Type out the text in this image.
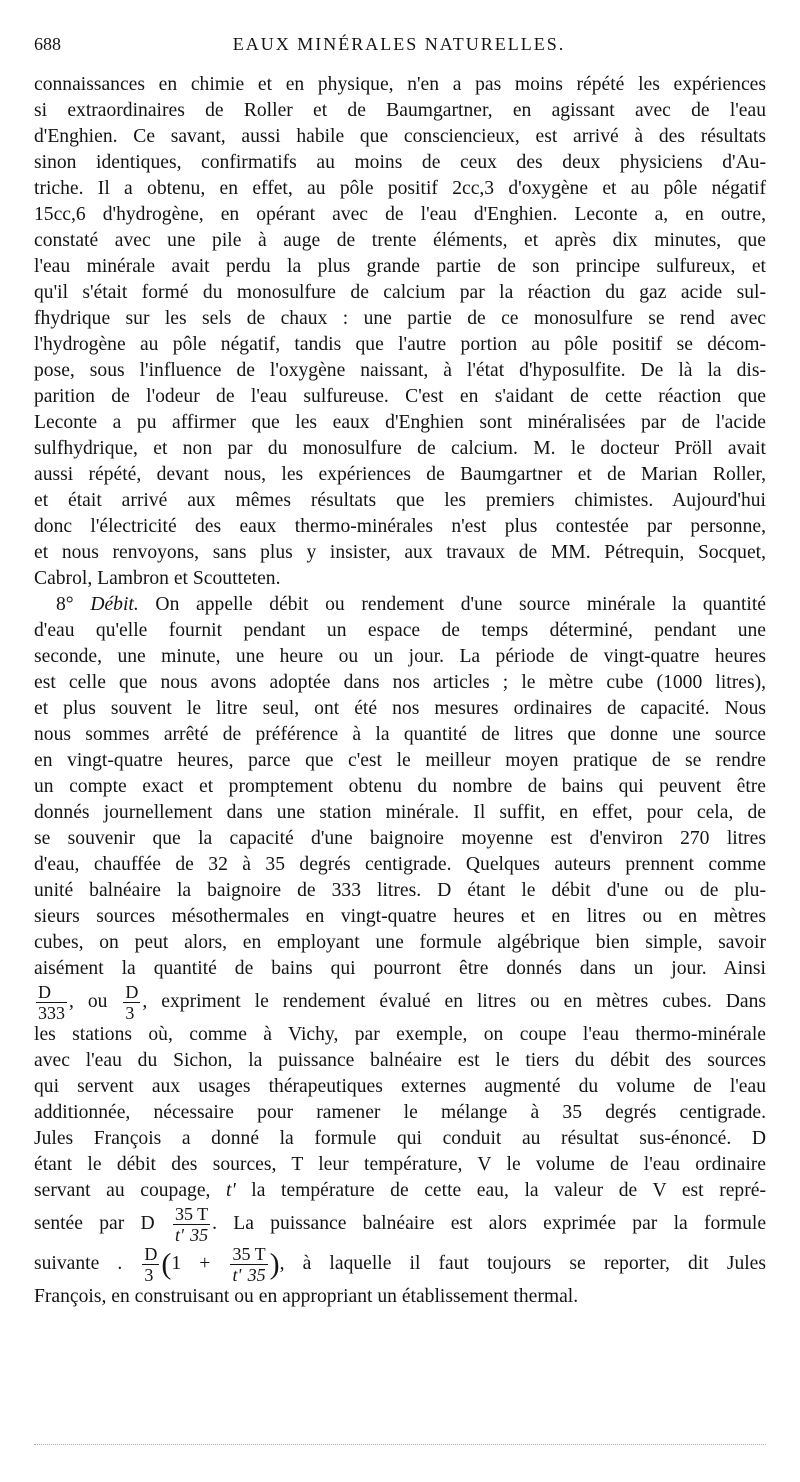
688	EAUX MINÉRALES NATURELLES.
connaissances en chimie et en physique, n'en a pas moins répété les expériences
si extraordinaires de Roller et de Baumgartner, en agissant avec de l'eau
d'Enghien. Ce savant, aussi habile que consciencieux, est arrivé à des résultats
sinon identiques, confirmatifs au moins de ceux des deux physiciens d'Au-
triche. Il a obtenu, en effet, au pôle positif 2cc,3 d'oxygène et au pôle négatif
15cc,6 d'hydrogène, en opérant avec de l'eau d'Enghien. Leconte a, en outre,
constaté avec une pile à auge de trente éléments, et après dix minutes, que
l'eau minérale avait perdu la plus grande partie de son principe sulfureux, et
qu'il s'était formé du monosulfure de calcium par la réaction du gaz acide sul-
fhydrique sur les sels de chaux : une partie de ce monosulfure se rend avec
l'hydrogène au pôle négatif, tandis que l'autre portion au pôle positif se décom-
pose, sous l'influence de l'oxygène naissant, à l'état d'hyposulfite. De là la dis-
parition de l'odeur de l'eau sulfureuse. C'est en s'aidant de cette réaction que
Leconte a pu affirmer que les eaux d'Enghien sont minéralisées par de l'acide
sulfhydrique, et non par du monosulfure de calcium. M. le docteur Pröll avait
aussi répété, devant nous, les expériences de Baumgartner et de Marian Roller,
et était arrivé aux mêmes résultats que les premiers chimistes. Aujourd'hui
donc l'électricité des eaux thermo-minérales n'est plus contestée par personne,
et nous renvoyons, sans plus y insister, aux travaux de MM. Pétrequin, Socquet,
Cabrol, Lambron et Scoutteten.
8° Débit. On appelle débit ou rendement d'une source minérale la quantité
d'eau qu'elle fournit pendant un espace de temps déterminé, pendant une
seconde, une minute, une heure ou un jour. La période de vingt-quatre heures
est celle que nous avons adoptée dans nos articles ; le mètre cube (1000 litres),
et plus souvent le litre seul, ont été nos mesures ordinaires de capacité. Nous
nous sommes arrêté de préférence à la quantité de litres que donne une source
en vingt-quatre heures, parce que c'est le meilleur moyen pratique de se rendre
un compte exact et promptement obtenu du nombre de bains qui peuvent être
donnés journellement dans une station minérale. Il suffit, en effet, pour cela, de
se souvenir que la capacité d'une baignoire moyenne est d'environ 270 litres
d'eau, chauffée de 32 à 35 degrés centigrade. Quelques auteurs prennent comme
unité balnéaire la baignoire de 333 litres. D étant le débit d'une ou de plu-
sieurs sources mésothermales en vingt-quatre heures et en litres ou en mètres
cubes, on peut alors, en employant une formule algébrique bien simple, savoir
aisément la quantité de bains qui pourront être donnés dans un jour. Ainsi
$\frac{D}{333}$ , ou $\frac{D}{3}$ , expriment le rendement évalué en litres ou en mètres cubes. Dans
les stations où, comme à Vichy, par exemple, on coupe l'eau thermo-minérale
avec l'eau du Sichon, la puissance balnéaire est le tiers du débit des sources
qui servent aux usages thérapeutiques externes augmenté du volume de l'eau
additionnée, nécessaire pour ramener le mélange à 35 degrés centigrade.
Jules François a donné la formule qui conduit au résultat sus-énoncé. D
étant le débit des sources, T leur température, V le volume de l'eau ordinaire
servant au coupage, t' la température de cette eau, la valeur de V est repré-
sentée par D $\frac{35 T}{t' 35}$ . La puissance balnéaire est alors exprimée par la formule
suivante . $\frac{D}{3} (1 + \frac{35 T}{t' 35}$ ), à laquelle il faut toujours se reporter, dit Jules
François, en construisant ou en appropriant un établissement thermal.
